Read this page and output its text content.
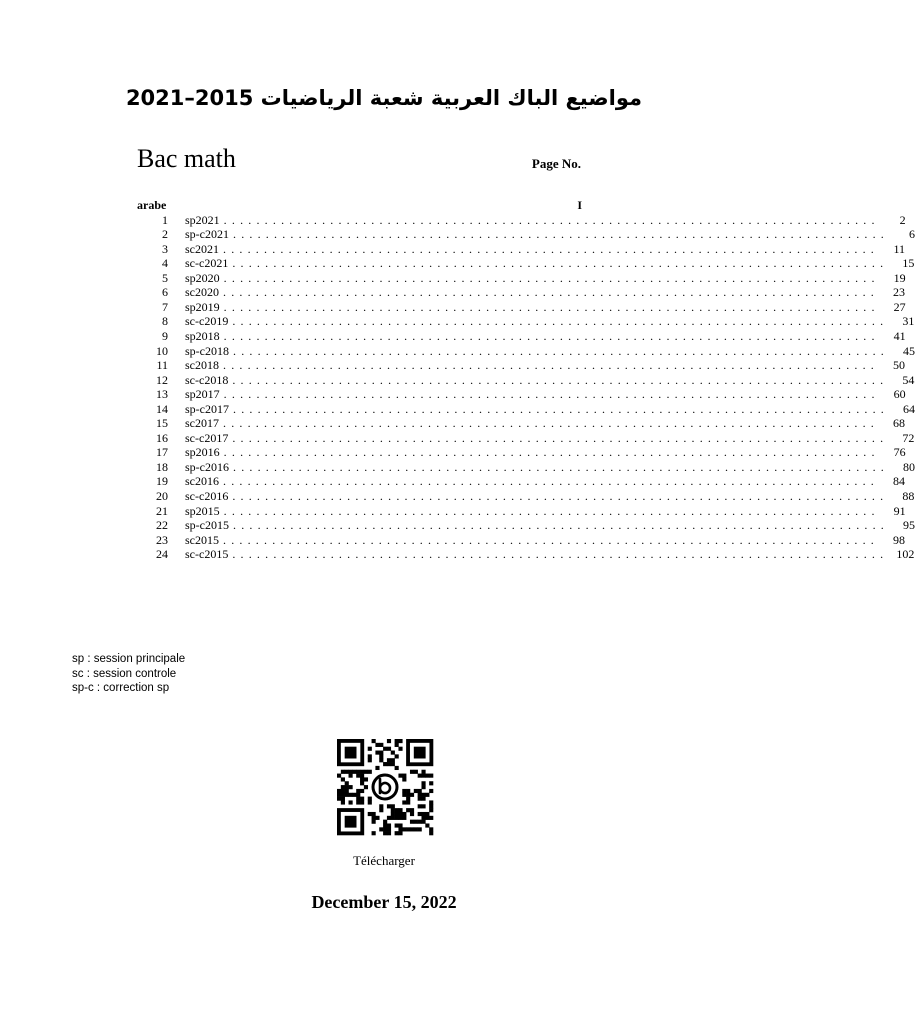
مواضيع الباك العربية شعبة الرياضيات 2015–2021
Bac math	Page No.
arabe	I
1 sp2021 ................................................................................	2
2 sp-c2021 ................................................................................	6
3 sc2021 ................................................................................	11
4 sc-c2021 ................................................................................	15
5 sp2020 ................................................................................	19
6 sc2020 ................................................................................	23
7 sp2019 ................................................................................	27
8 sc-c2019 ................................................................................	31
9 sp2018 ................................................................................	41
10 sp-c2018 ................................................................................	45
11 sc2018 ................................................................................	50
12 sc-c2018 ................................................................................	54
13 sp2017 ................................................................................	60
14 sp-c2017 ................................................................................	64
15 sc2017 ................................................................................	68
16 sc-c2017 ................................................................................	72
17 sp2016 ................................................................................	76
18 sp-c2016 ................................................................................	80
19 sc2016 ................................................................................	84
20 sc-c2016 ................................................................................	88
21 sp2015 ................................................................................	91
22 sp-c2015 ................................................................................	95
23 sc2015 ................................................................................	98
24 sc-c2015 ................................................................................ 102
sp : session principale
sc : session controle
sp-c : correction sp
Télécharger
December 15, 2022
